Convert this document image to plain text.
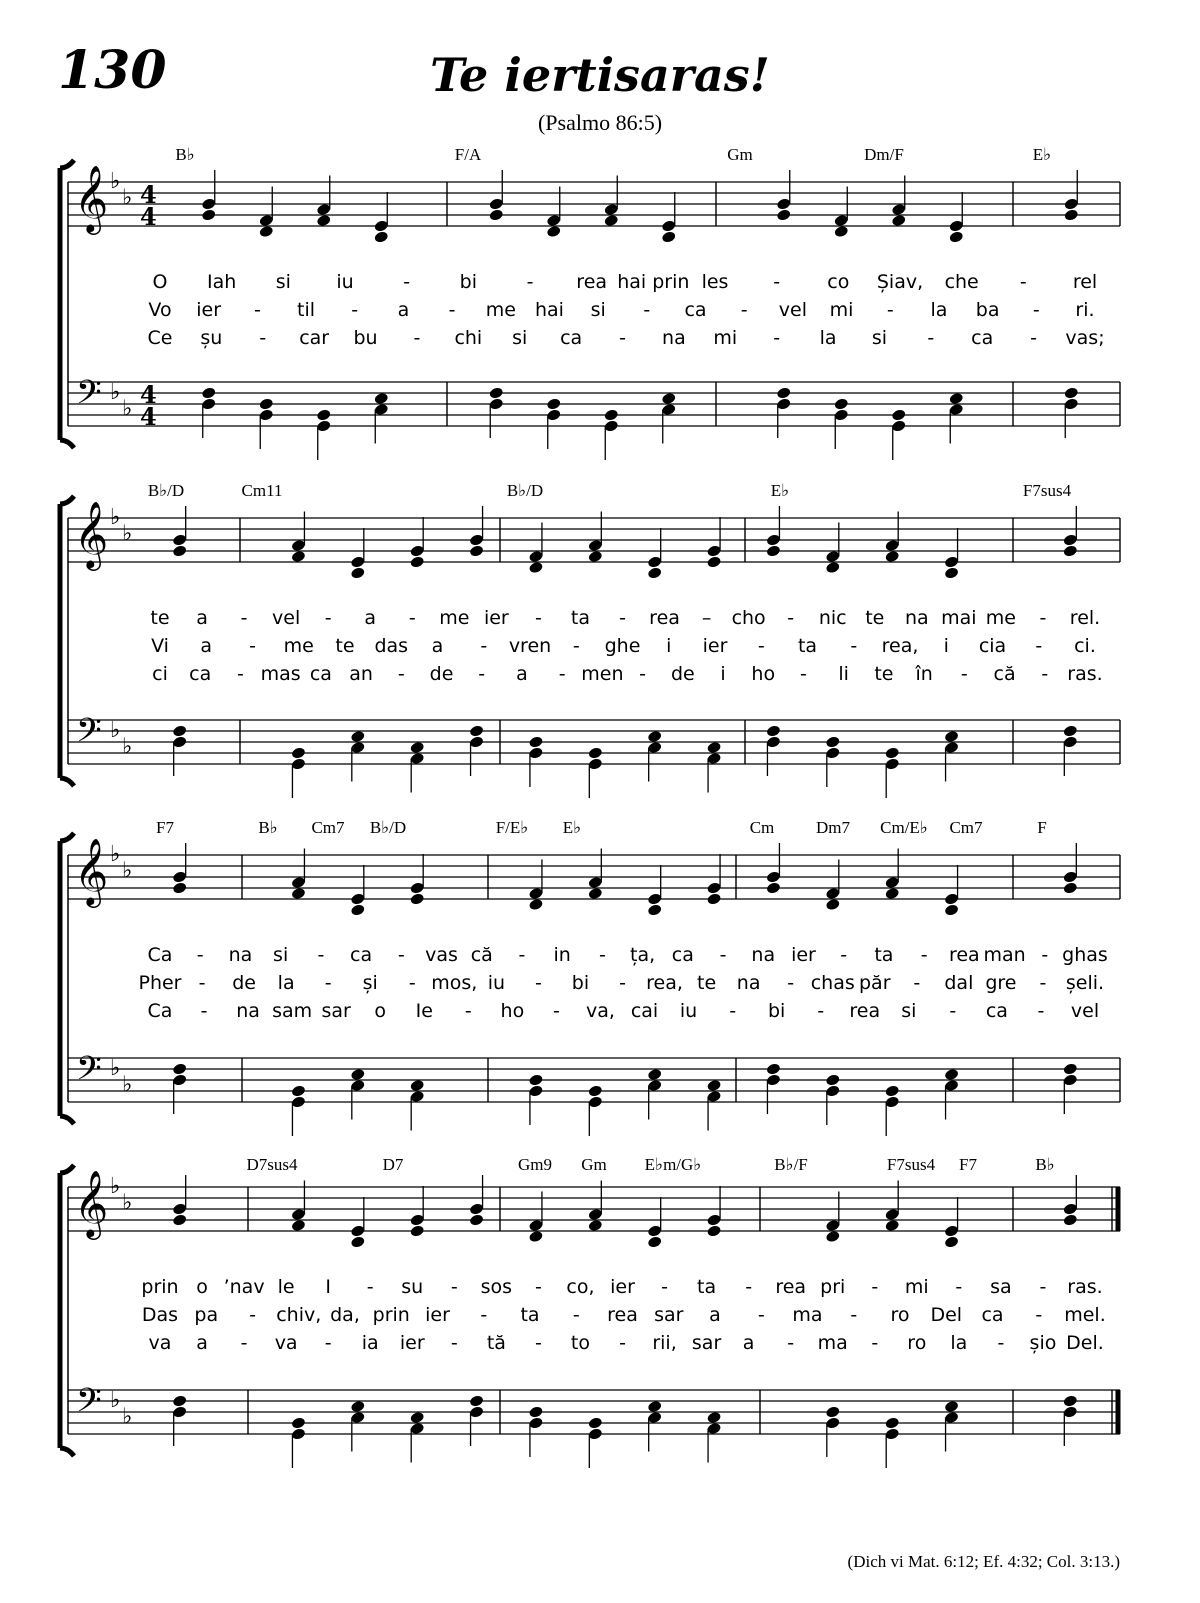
130	Te iertisaras!
(Psalmo 86:5)
𝄞
𝄢
♭
♭
♭
♭
4
4
4
4
B♭	F/A	Gm	Dm/F	E♭
O Iah si iu	-	bi	- rea hai prin les - co Șiav, che - rel
Vo ier - til - a - me hai si - ca - vel mi - la ba - ri.
Ce șu - car bu - chi si ca - na mi - la si - ca - vas;
𝄞
𝄢
♭
♭
♭
♭
B♭/D	Cm11	B♭/D	E♭	F7sus4
te a - vel - a - me ier - ta - rea – cho - nic te na mai me - rel.
Vi a - me te das a - vren - ghe i ier - ta - rea, i cia - ci.
ci ca - mas ca an - de - a - men - de i ho - li te în - că - ras.
𝄞
𝄢
♭
♭
♭
♭
F7	B♭ Cm7 B♭/D	F/E♭ E♭	Cm Dm7 Cm/E♭ Cm7	F
Ca - na si - ca - vas că - in - ța, ca - na ier - ta - rea man - ghas
Pher - de la - și - mos, iu - bi - rea, te na - chas păr - dal gre - șeli.
Ca - na sam sar o Ie - ho - va, cai iu - bi - rea si - ca - vel
𝄞
𝄢
♭
♭
♭
♭
D7sus4	D7	Gm9 Gm E♭m/G♭	B♭/F	F7sus4 F7	B♭
prin o ’nav le I - su - sos - co, ier - ta - rea pri - mi - sa - ras.
Das pa - chiv, da, prin ier - ta - rea sar a - ma - ro Del ca - mel.
va a - va - ia ier - tă - to - rii, sar a - ma - ro la - șio Del.
(Dich vi Mat. 6:12; Ef. 4:32; Col. 3:13.)
